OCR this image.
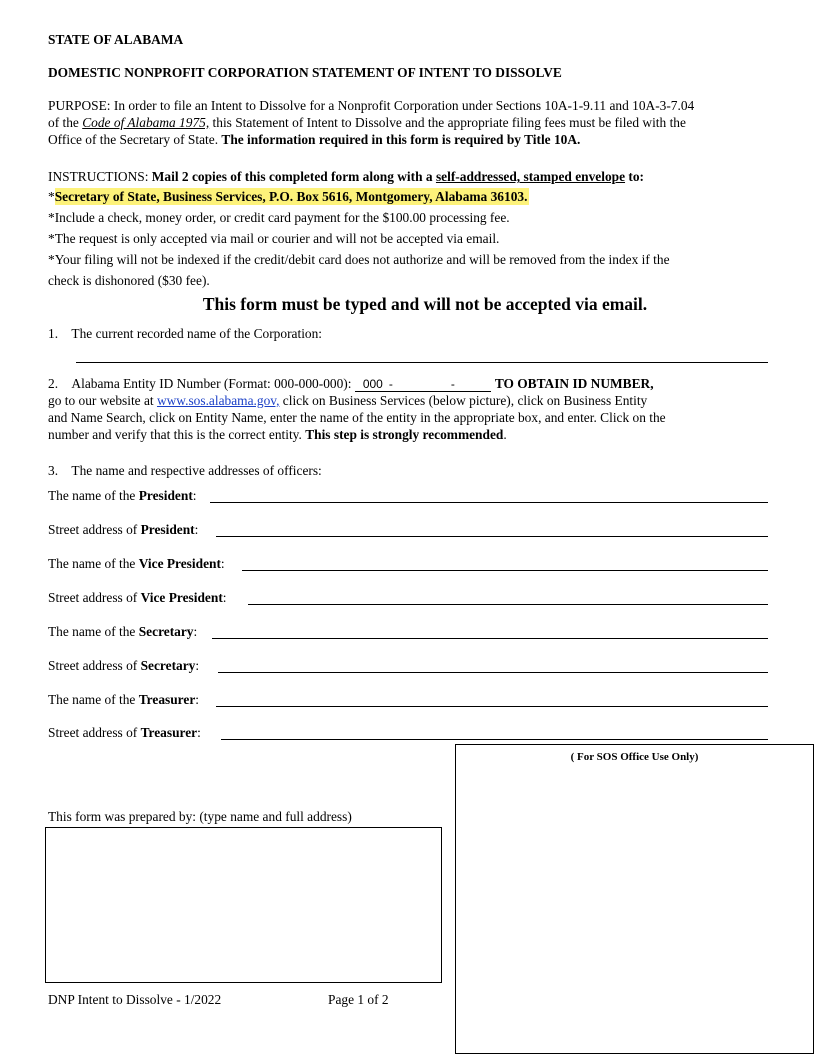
STATE OF ALABAMA
DOMESTIC NONPROFIT CORPORATION STATEMENT OF INTENT TO DISSOLVE
PURPOSE: In order to file an Intent to Dissolve for a Nonprofit Corporation under Sections 10A-1-9.11 and 10A-3-7.04
of the Code of Alabama 1975, this Statement of Intent to Dissolve and the appropriate filing fees must be filed with the
Office of the Secretary of State. The information required in this form is required by Title 10A.
INSTRUCTIONS: Mail 2 copies of this completed form along with a self-addressed, stamped envelope to:
*Secretary of State, Business Services, P.O. Box 5616, Montgomery, Alabama 36103.
*Include a check, money order, or credit card payment for the $100.00 processing fee.
*The request is only accepted via mail or courier and will not be accepted via email.
*Your filing will not be indexed if the credit/debit card does not authorize and will be removed from the index if the
check is dishonored ($30 fee).
This form must be typed and will not be accepted via email.
1. The current recorded name of the Corporation:
2. Alabama Entity ID Number (Format: 000-000-000): 000 -	-	TO OBTAIN ID NUMBER,
go to our website at www.sos.alabama.gov, click on Business Services (below picture), click on Business Entity
and Name Search, click on Entity Name, enter the name of the entity in the appropriate box, and enter. Click on the
number and verify that this is the correct entity. This step is strongly recommended.
3. The name and respective addresses of officers:
The name of the President:
Street address of President:
The name of the Vice President:
Street address of Vice President:
The name of the Secretary:
Street address of Secretary:
The name of the Treasurer:
Street address of Treasurer:
( For SOS Office Use Only)
This form was prepared by: (type name and full address)
DNP Intent to Dissolve - 1/2022	Page 1 of 2
